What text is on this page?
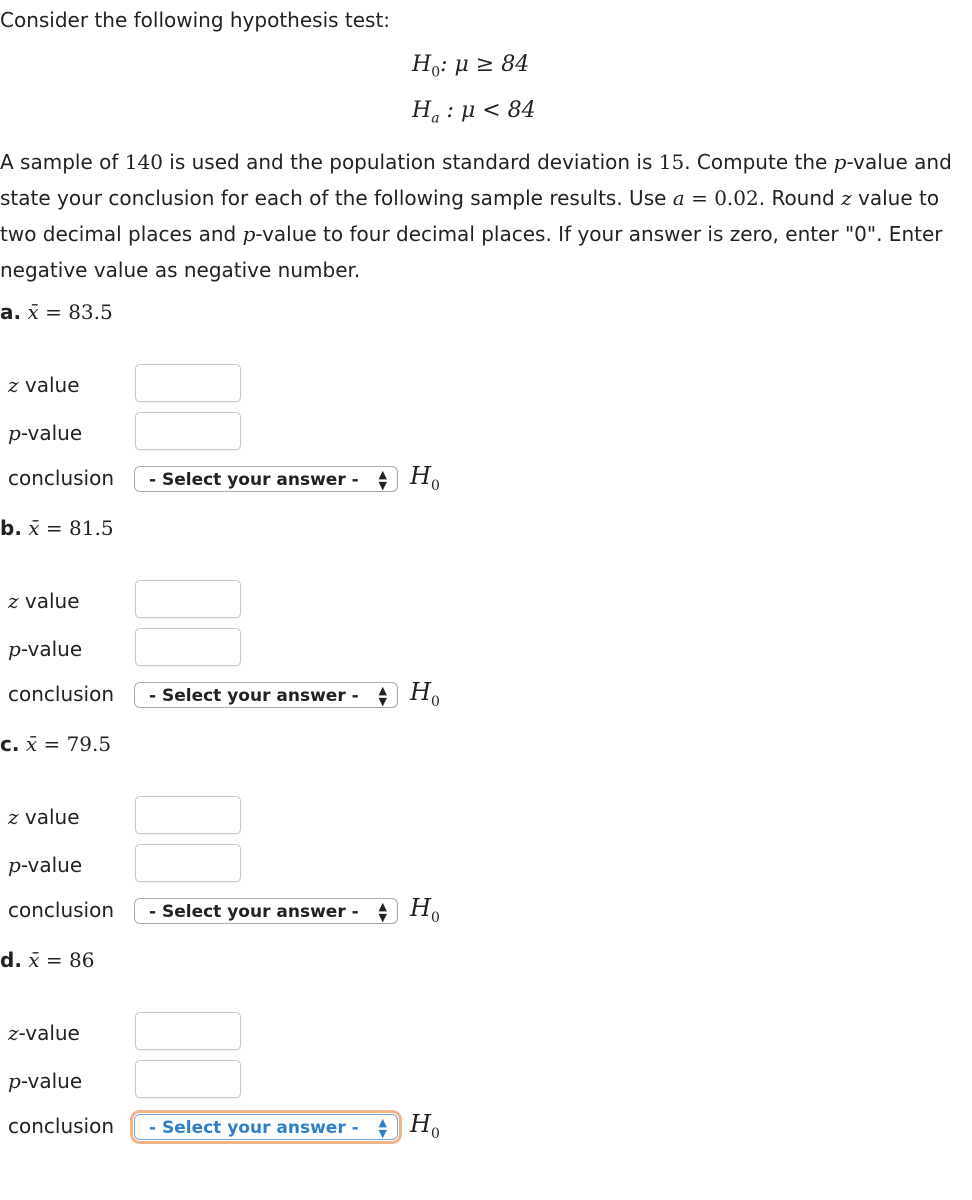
Consider the following hypothesis test:

$H_0$: μ ≥ 84
$H_a$ : μ < 84

A sample of 140 is used and the population standard deviation is 15. Compute the p-value and state your conclusion for each of the following sample results. Use a = 0.02. Round z value to two decimal places and p-value to four decimal places. If your answer is zero, enter "0". Enter negative value as negative number.

a. x̄ = 83.5
z value
p-value
conclusion	- Select your answer - ▲
▼ $H_0$
b. x̄ = 81.5
z value
p-value
conclusion	- Select your answer - ▲
▼ $H_0$
c. x̄ = 79.5
z value
p-value
conclusion	- Select your answer - ▲
▼ $H_0$
d. x̄ = 86
z-value
p-value
conclusion	- Select your answer - ▲
▼ $H_0$
